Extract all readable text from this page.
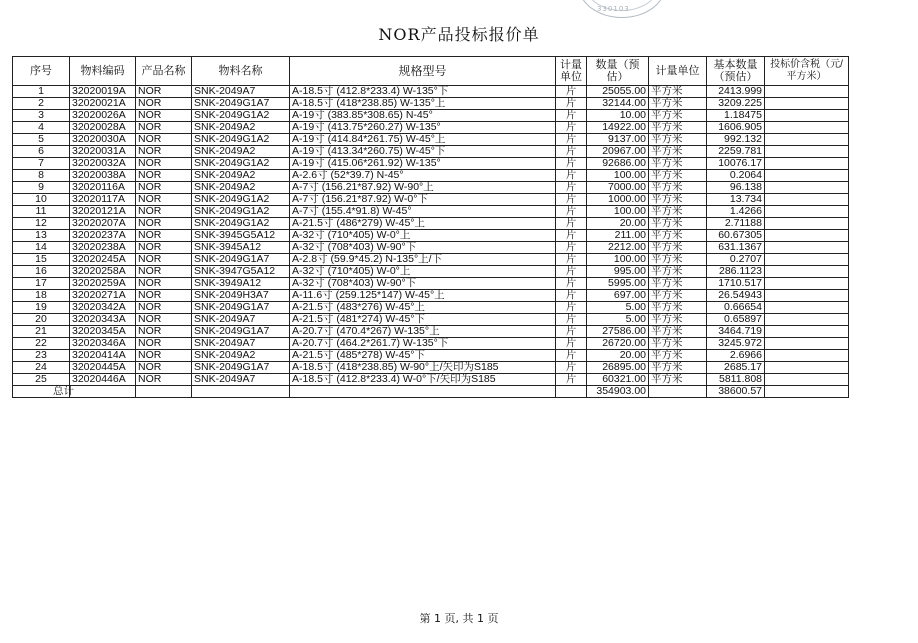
330103
NOR产品投标报价单
序号	物料编码	产品名称	物料名称	规格型号	计量单位	数量（预估）	计量单位	基本数量（预估）	投标价含税（元/平方米）
1	32020019A	NOR	SNK-2049A7	A-18.5寸 (412.8*233.4) W-135°下	片	25055.00	平方米	2413.999	
2	32020021A	NOR	SNK-2049G1A7	A-18.5寸 (418*238.85) W-135°上	片	32144.00	平方米	3209.225	
3	32020026A	NOR	SNK-2049G1A2	A-19寸 (383.85*308.65) N-45°	片	10.00	平方米	1.18475	
4	32020028A	NOR	SNK-2049A2	A-19寸 (413.75*260.27) W-135°	片	14922.00	平方米	1606.905	
5	32020030A	NOR	SNK-2049G1A2	A-19寸 (414.84*261.75) W-45°上	片	9137.00	平方米	992.132	
6	32020031A	NOR	SNK-2049A2	A-19寸 (413.34*260.75) W-45°下	片	20967.00	平方米	2259.781	
7	32020032A	NOR	SNK-2049G1A2	A-19寸 (415.06*261.92) W-135°	片	92686.00	平方米	10076.17	
8	32020038A	NOR	SNK-2049A2	A-2.6寸 (52*39.7) N-45°	片	100.00	平方米	0.2064	
9	32020116A	NOR	SNK-2049A2	A-7寸 (156.21*87.92) W-90°上	片	7000.00	平方米	96.138	
10	32020117A	NOR	SNK-2049G1A2	A-7寸 (156.21*87.92) W-0°下	片	1000.00	平方米	13.734	
11	32020121A	NOR	SNK-2049G1A2	A-7寸 (155.4*91.8) W-45°	片	100.00	平方米	1.4266	
12	32020207A	NOR	SNK-2049G1A2	A-21.5寸 (486*279) W-45°上	片	20.00	平方米	2.71188	
13	32020237A	NOR	SNK-3945G5A12	A-32寸 (710*405) W-0°上	片	211.00	平方米	60.67305	
14	32020238A	NOR	SNK-3945A12	A-32寸 (708*403) W-90°下	片	2212.00	平方米	631.1367	
15	32020245A	NOR	SNK-2049G1A7	A-2.8寸 (59.9*45.2) N-135°上/下	片	100.00	平方米	0.2707	
16	32020258A	NOR	SNK-3947G5A12	A-32寸 (710*405) W-0°上	片	995.00	平方米	286.1123	
17	32020259A	NOR	SNK-3949A12	A-32寸 (708*403) W-90°下	片	5995.00	平方米	1710.517	
18	32020271A	NOR	SNK-2049H3A7	A-11.6寸 (259.125*147) W-45°上	片	697.00	平方米	26.54943	
19	32020342A	NOR	SNK-2049G1A7	A-21.5寸 (483*276) W-45°上	片	5.00	平方米	0.66654	
20	32020343A	NOR	SNK-2049A7	A-21.5寸 (481*274) W-45°下	片	5.00	平方米	0.65897	
21	32020345A	NOR	SNK-2049G1A7	A-20.7寸 (470.4*267) W-135°上	片	27586.00	平方米	3464.719	
22	32020346A	NOR	SNK-2049A7	A-20.7寸 (464.2*261.7) W-135°下	片	26720.00	平方米	3245.972	
23	32020414A	NOR	SNK-2049A2	A-21.5寸 (485*278) W-45°下	片	20.00	平方米	2.6966	
24	32020445A	NOR	SNK-2049G1A7	A-18.5寸 (418*238.85) W-90°上/矢印为S185	片	26895.00	平方米	2685.17	
25	32020446A	NOR	SNK-2049A7	A-18.5寸 (412.8*233.4) W-0°下/矢印为S185	片	60321.00	平方米	5811.808	
总计						354903.00		38600.57	
第 1 页, 共 1 页
